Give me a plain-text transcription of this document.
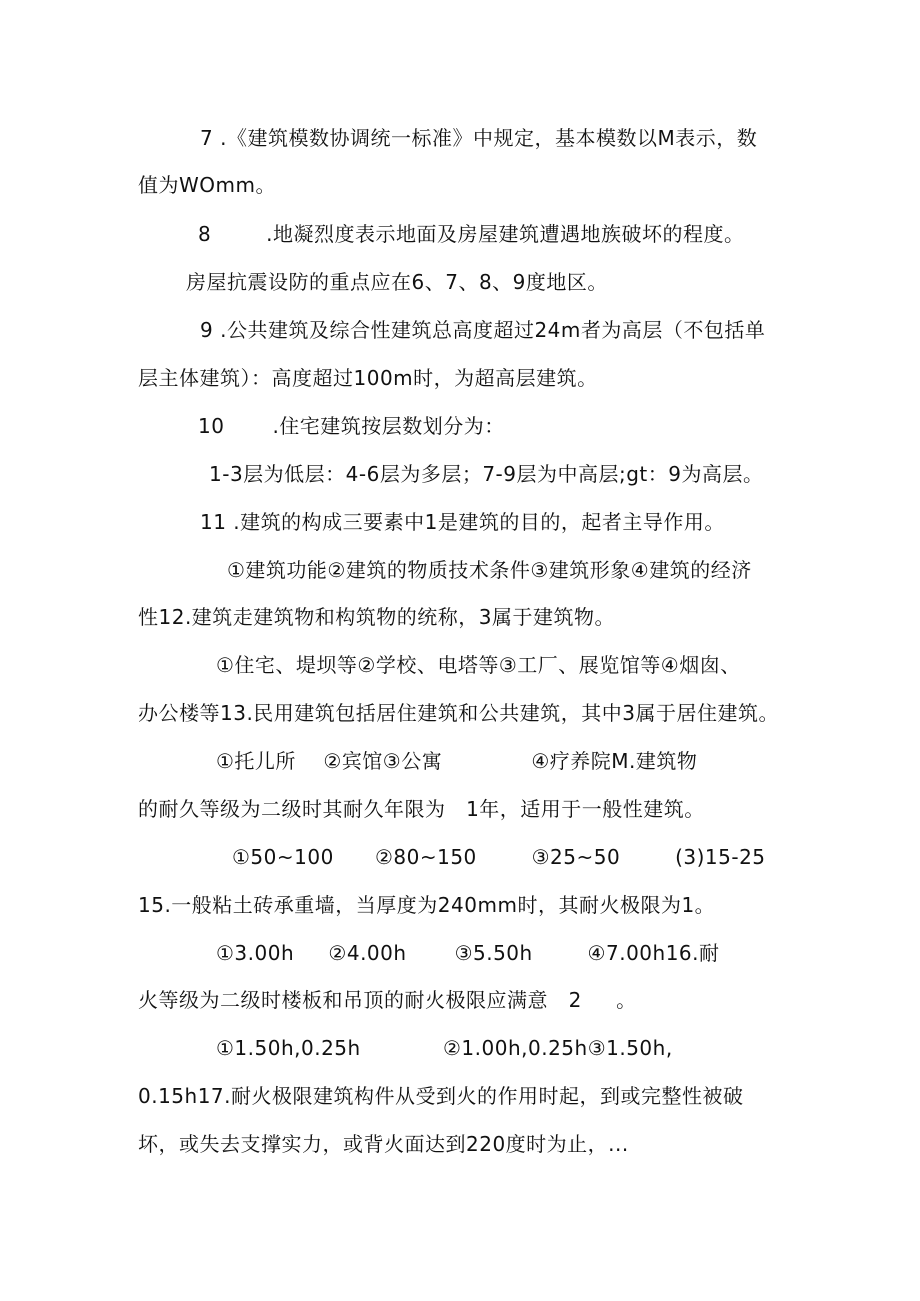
7 .《建筑模数协调统一标准》中规定，基本模数以M表示，数
值为WOmm。
8        .地凝烈度表示地面及房屋建筑遭遇地族破坏的程度。
房屋抗震设防的重点应在6、7、8、9度地区。
9 .公共建筑及综合性建筑总高度超过24m者为高层（不包括单
层主体建筑）：高度超过100m时，为超高层建筑。
10       .住宅建筑按层数划分为：
1-3层为低层：4-6层为多层；7-9层为中高层;gt：9为高层。
11 .建筑的构成三要素中1是建筑的目的，起者主导作用。
①建筑功能②建筑的物质技术条件③建筑形象④建筑的经济
性12.建筑走建筑物和构筑物的统称，3属于建筑物。
①住宅、堤坝等②学校、电塔等③工厂、展览馆等④烟囱、
办公楼等13.民用建筑包括居住建筑和公共建筑，其中3属于居住建筑。
①托儿所    ②宾馆③公寓             ④疗养院M.建筑物
的耐久等级为二级时其耐久年限为   1年，适用于一般性建筑。
①50~100      ②80~150        ③25~50        (3)15-25
15.一般粘土砖承重墙，当厚度为240mm时，其耐火极限为1。
①3.00h     ②4.00h       ③5.50h        ④7.00h16.耐
火等级为二级时楼板和吊顶的耐火极限应满意   2     。
①1.50h,0.25h            ②1.00h,0.25h③1.50h,
0.15h17.耐火极限建筑构件从受到火的作用时起，到或完整性被破
坏，或失去支撑实力，或背火面达到220度时为止，...
